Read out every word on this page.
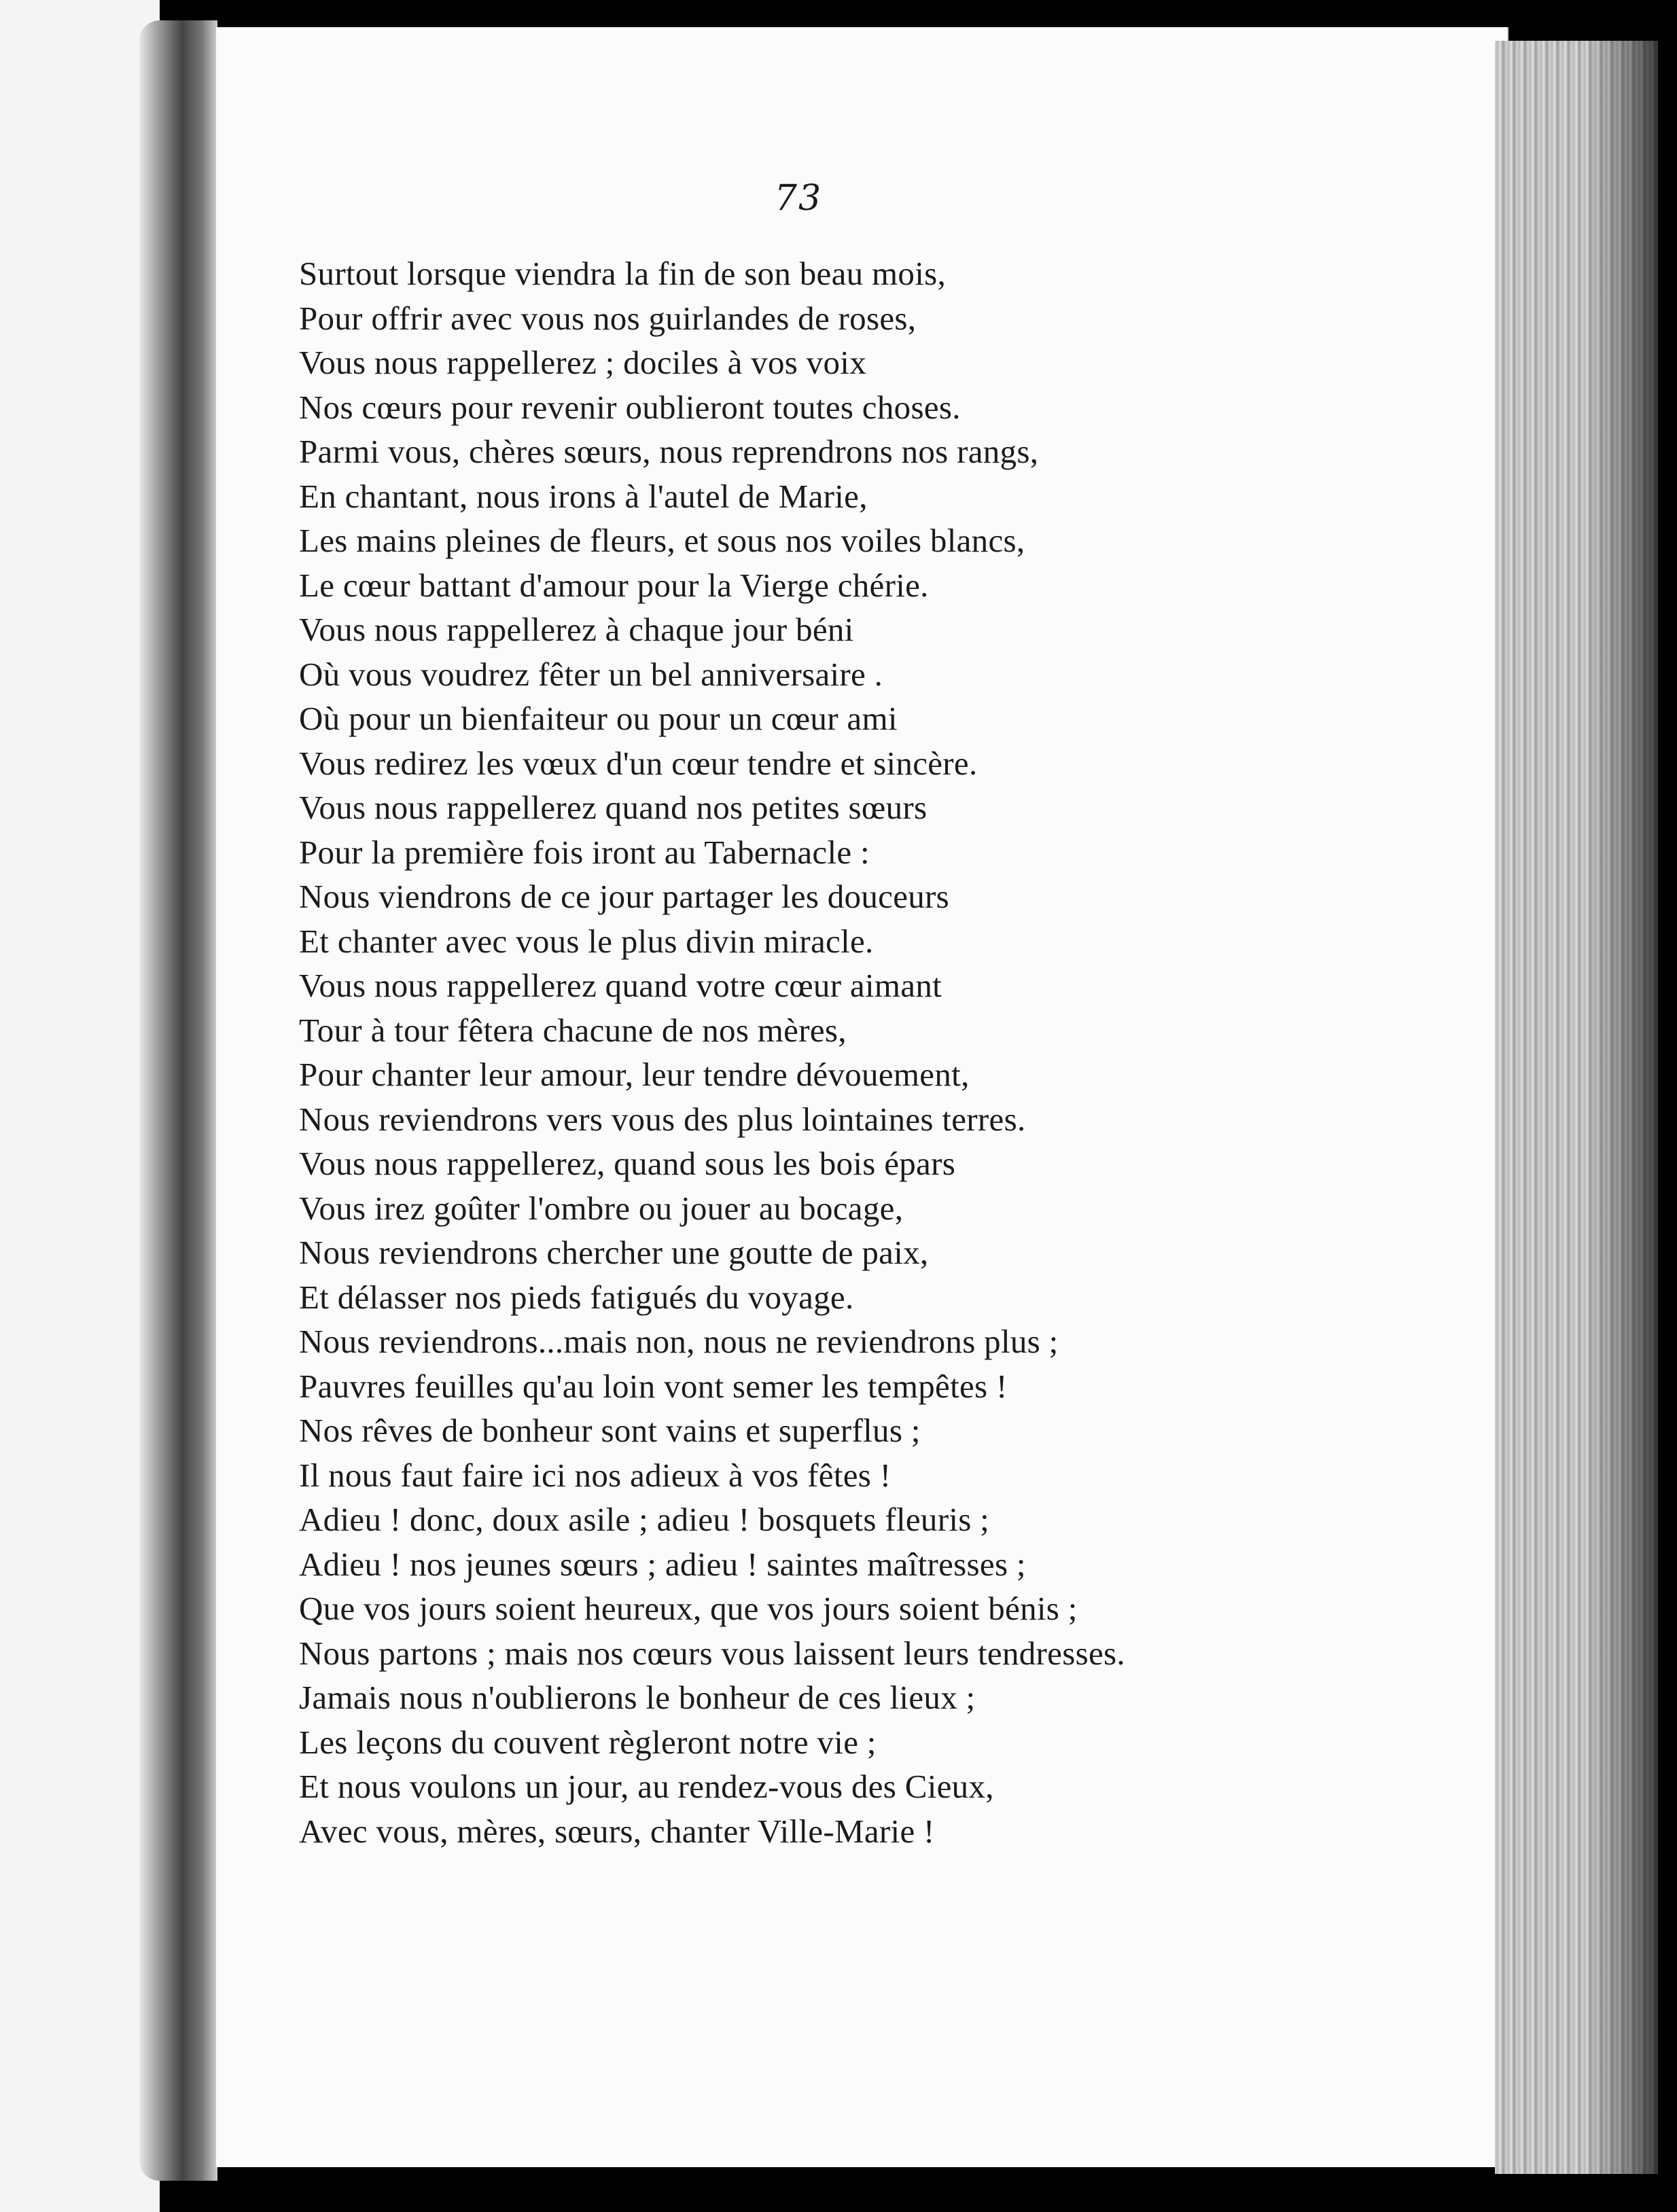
73
Surtout lorsque viendra la fin de son beau mois,
Pour offrir avec vous nos guirlandes de roses,
Vous nous rappellerez ; dociles à vos voix
Nos cœurs pour revenir oublieront toutes choses.
Parmi vous, chères sœurs, nous reprendrons nos rangs,
En chantant, nous irons à l'autel de Marie,
Les mains pleines de fleurs, et sous nos voiles blancs,
Le cœur battant d'amour pour la Vierge chérie.
Vous nous rappellerez à chaque jour béni
Où vous voudrez fêter un bel anniversaire .
Où pour un bienfaiteur ou pour un cœur ami
Vous redirez les vœux d'un cœur tendre et sincère.
Vous nous rappellerez quand nos petites sœurs
Pour la première fois iront au Tabernacle :
Nous viendrons de ce jour partager les douceurs
Et chanter avec vous le plus divin miracle.
Vous nous rappellerez quand votre cœur aimant
Tour à tour fêtera chacune de nos mères,
Pour chanter leur amour, leur tendre dévouement,
Nous reviendrons vers vous des plus lointaines terres.
Vous nous rappellerez, quand sous les bois épars
Vous irez goûter l'ombre ou jouer au bocage,
Nous reviendrons chercher une goutte de paix,
Et délasser nos pieds fatigués du voyage.
Nous reviendrons...mais non, nous ne reviendrons plus ;
Pauvres feuilles qu'au loin vont semer les tempêtes !
Nos rêves de bonheur sont vains et superflus ;
Il nous faut faire ici nos adieux à vos fêtes !
Adieu ! donc, doux asile ; adieu ! bosquets fleuris ;
Adieu ! nos jeunes sœurs ; adieu ! saintes maîtresses ;
Que vos jours soient heureux, que vos jours soient bénis ;
Nous partons ; mais nos cœurs vous laissent leurs tendresses.
Jamais nous n'oublierons le bonheur de ces lieux ;
Les leçons du couvent règleront notre vie ;
Et nous voulons un jour, au rendez-vous des Cieux,
Avec vous, mères, sœurs, chanter Ville-Marie !
